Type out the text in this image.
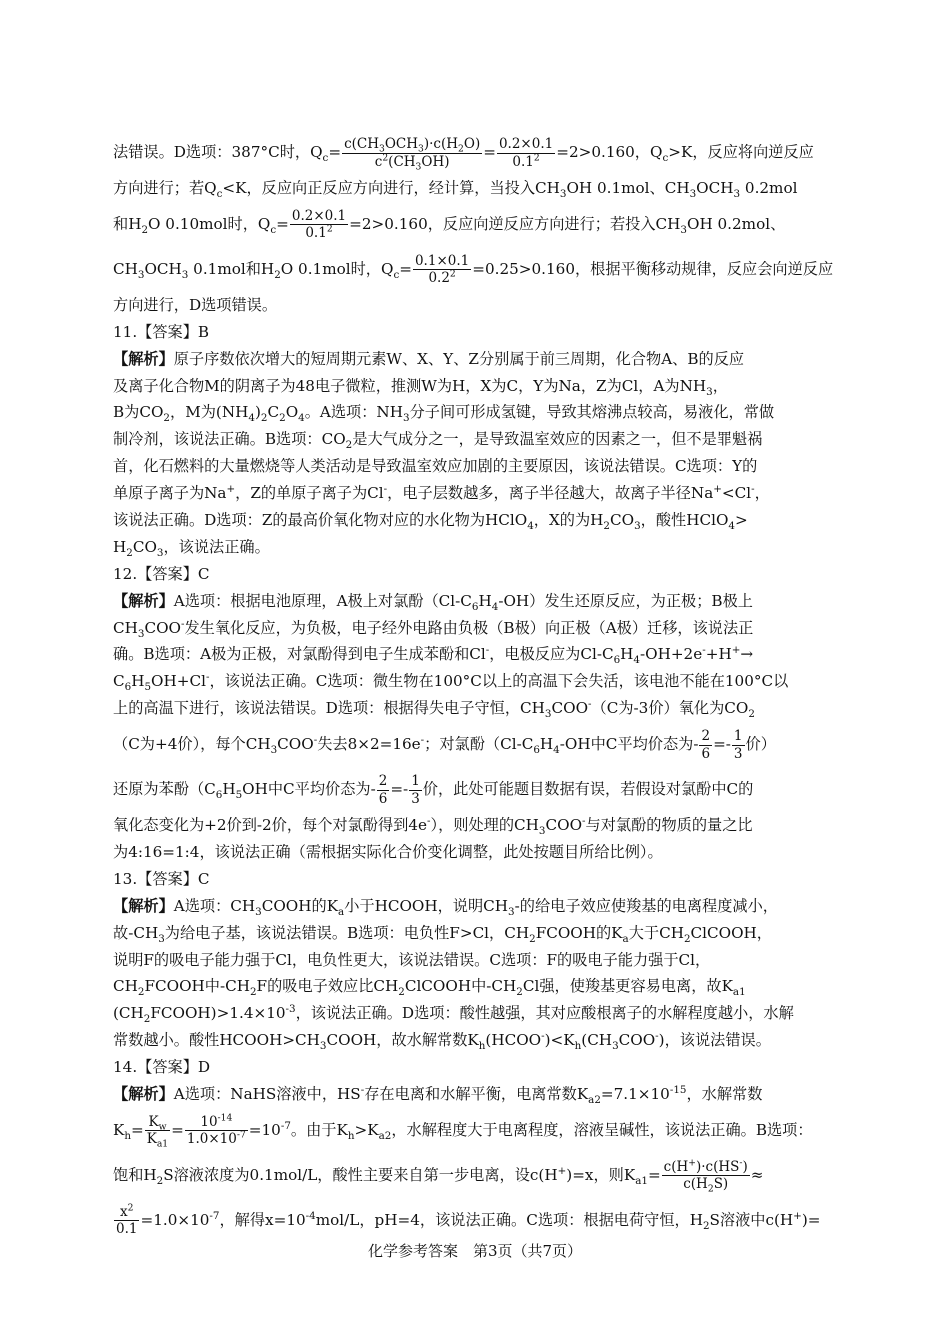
法错误。D选项：387°C时，$Q_c= c(CH_3OCH_3)\cdot c(H_2O)$
$c^2(CH_3OH)$
= $\frac{0.2\times 0.1}{0.1^2} =2>0.160$，$Q_c>K$，反应将向逆反应
方向进行；若$Q_c<K$，反应向正反应方向进行，经计算，当投入$CH_3OH$ 0.1mol、$CH_3OCH_3$ 0.2mol
和$H_2O$ 0.10mol时，$Q_c= \frac{0.2\times 0.1}{0.1^2} =2>0.160$，反应向逆反应方向进行；若投入$CH_3OH$ 0.2mol、
$CH_3OCH_3$ 0.1mol和$H_2O$ 0.1mol时，$Q_c= \frac{0.1\times 0.1}{0.2^2} =0.25>0.160$，根据平衡移动规律，反应会向逆反应
方向进行，D选项错误。
11.【答案】B
【解析】原子序数依次增大的短周期元素W、X、Y、Z分别属于前三周期，化合物A、B的反应
及离子化合物M的阴离子为48电子微粒，推测W为H，X为C，Y为Na，Z为Cl，A为$NH_3$，
B为$CO_2$，M为$(NH_4)_2C_2O_4$。A选项：$NH_3$分子间可形成氢键，导致其熔沸点较高，易液化，常做
制冷剂，该说法正确。B选项：$CO_2$是大气成分之一，是导致温室效应的因素之一，但不是罪魁祸
首，化石燃料的大量燃烧等人类活动是导致温室效应加剧的主要原因，该说法错误。C选项：Y的
单原子离子为Na+，Z的单原子离子为Cl-，电子层数越多，离子半径越大，故离子半径Na+<Cl-，
该说法正确。D选项：Z的最高价氧化物对应的水化物为HClO$_4$，X的为$H_2CO_3$，酸性HClO$_4$>
$H_2CO_3$，该说法正确。
12.【答案】C
【解析】A选项：根据电池原理，A极上对氯酚$(Cl-C_6H_4-OH)$发生还原反应，为正极；B极上
$CH_3COO^-$发生氧化反应，为负极，电子经外电路由负极（B极）向正极（A极）迁移，该说法正
确。B选项：A极为正极，对氯酚得到电子生成苯酚和Cl-，电极反应为$Cl-C_6H_4-OH+2e^-+H^+\to$
$C_6H_5OH+Cl^-$，该说法正确。C选项：微生物在100°C以上的高温下会失活，该电池不能在100°C以
上的高温下进行，该说法错误。D选项：根据得失电子守恒，$CH_3COO^-(C$为-3价）氧化为$CO_2$
（C为+4价），每个$CH_3COO^-$失去8×2=16e-；对氯酚（$Cl-C_6H_4-OH$中C平均价态为- $\frac{2}{6} =- \frac{1}{3}$ 价）
还原为苯酚（$C_6H_5OH$中C平均价态为- $\frac{2}{6} =- \frac{1}{3}$ 价，此处可能题目数据有误，若假设对氯酚中C的
氧化态变化为+2价到-2价，每个对氯酚得到4e-），则处理的$CH_3COO^-$与对氯酚的物质的量之比
为4:16=1:4，该说法正确（需根据实际化合价变化调整，此处按题目所给比例）。
13.【答案】C
【解析】A选项：$CH_3COOH$的$K_a$小于HCOOH，说明$CH_3-$的给电子效应使羧基的电离程度减小，
故$-CH_3$为给电子基，该说法错误。B选项：电负性F>Cl，$CH_2FCOOH$的$K_a$大于$CH_2ClCOOH$，
说明F的吸电子能力强于Cl，电负性更大，该说法错误。C选项：F的吸电子能力强于Cl，
$CH_2FCOOH$中$-CH_2F$的吸电子效应比$CH_2ClCOOH$中$-CH_2Cl$强，使羧基更容易电离，故$K_{a1}$
$(CH_2FCOOH)>1.4\times 10^{-3}$，该说法正确。D选项：酸性越强，其对应酸根离子的水解程度越小，水解
常数越小。酸性$HCOOH>CH_3COOH$，故水解常数$K_h(HCOO^-)<K_h(CH_3COO^-)$，该说法错误。
14.【答案】D
【解析】A选项：NaHS溶液中，HS-存在电离和水解平衡，电离常数$K_{a2}=7.1\times 10^{-15}$，水解常数
$K_h= \frac{K_w}{K_{a1}} = \frac{10^{-14}}{1.0\times 10^{-7}} =10^{-7}$。由于$K_h>K_{a2}$，水解程度大于电离程度，溶液呈碱性，该说法正确。B选项：
饱和$H_2S$溶液浓度为0.1mol/L，酸性主要来自第一步电离，设c(H+)=x，则$K_{a1}= \frac{c(H^+)\cdot c(HS^-)}{c(H_2S)}$ ≈
$\frac{x^2}{0.1} =1.0\times 10^{-7}$，解得$x=10^{-4}mol/L$，pH=4，该说法正确。C选项：根据电荷守恒，$H_2S$溶液中c(H+)=
化学参考答案　第3页（共7页）
